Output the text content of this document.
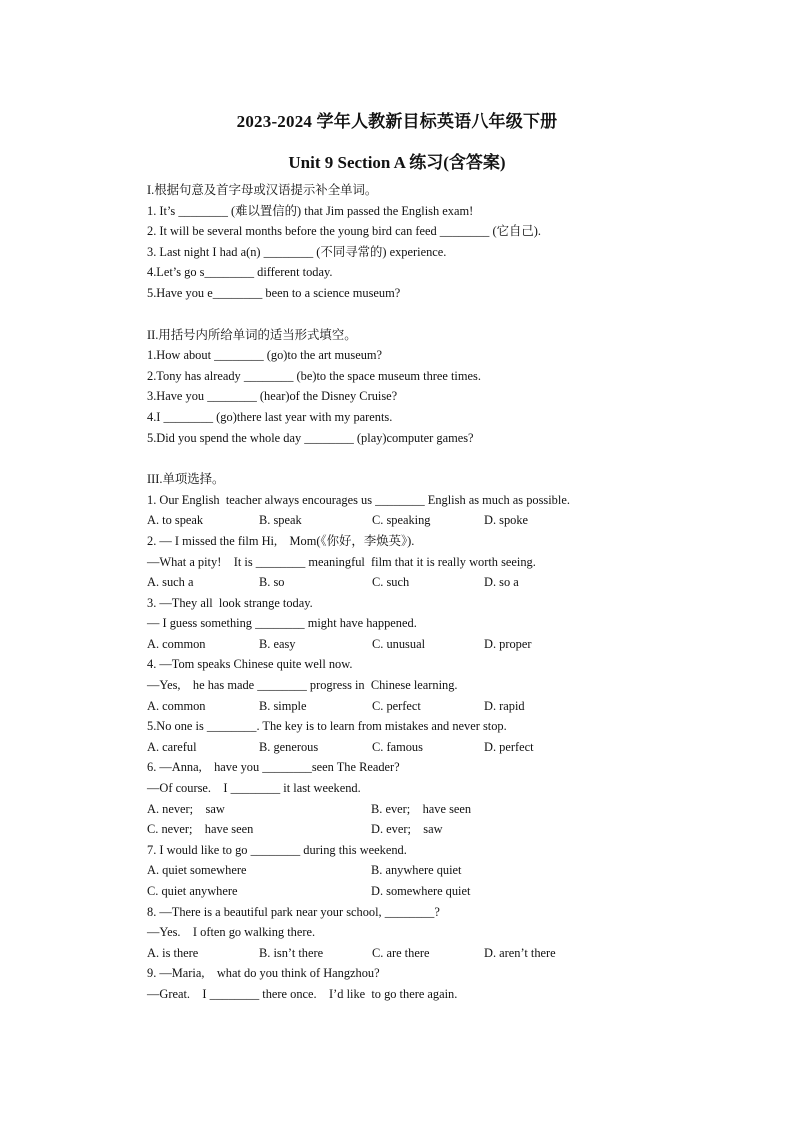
2023-2024 学年人教新目标英语八年级下册
Unit 9 Section A 练习(含答案)
I.根据句意及首字母或汉语提示补全单词。
1. It’s ________ (难以置信的) that Jim passed the English exam!
2. It will be several months before the young bird can feed ________ (它自己).
3. Last night I had a(n) ________ (不同寻常的) experience.
4.Let’s go s________ different today.
5.Have you e________ been to a science museum?
II.用括号内所给单词的适当形式填空。
1.How about ________ (go)to the art museum?
2.Tony has already ________ (be)to the space museum three times.
3.Have you ________ (hear)of the Disney Cruise?
4.I ________ (go)there last year with my parents.
5.Did you spend the whole day ________ (play)computer games?
III.单项选择。
1. Our English  teacher always encourages us ________ English as much as possible.
A. to speak	B. speak	C. speaking	D. spoke
2. — I missed the film Hi,    Mom(《你好，李焕英》).
—What a pity!    It is ________ meaningful  film that it is really worth seeing.
A. such a	B. so	C. such	D. so a
3. —They all  look strange today.
— I guess something ________ might have happened.
A. common	B. easy	C. unusual	D. proper
4. —Tom speaks Chinese quite well now.
—Yes,    he has made ________ progress in  Chinese learning.
A. common	B. simple	C. perfect	D. rapid
5.No one is ________. The key is to learn from mistakes and never stop.
A. careful	B. generous	C. famous	D. perfect
6. —Anna,    have you ________seen The Reader?
—Of course.    I ________ it last weekend.
A. never;    saw	B. ever;    have seen
C. never;    have seen	D. ever;    saw
7. I would like to go ________ during this weekend.
A. quiet somewhere	B. anywhere quiet
C. quiet anywhere	D. somewhere quiet
8. —There is a beautiful park near your school, ________?
—Yes.    I often go walking there.
A. is there	B. isn’t there	C. are there	D. aren’t there
9. —Maria,    what do you think of Hangzhou?
—Great.    I ________ there once.    I’d like  to go there again.
